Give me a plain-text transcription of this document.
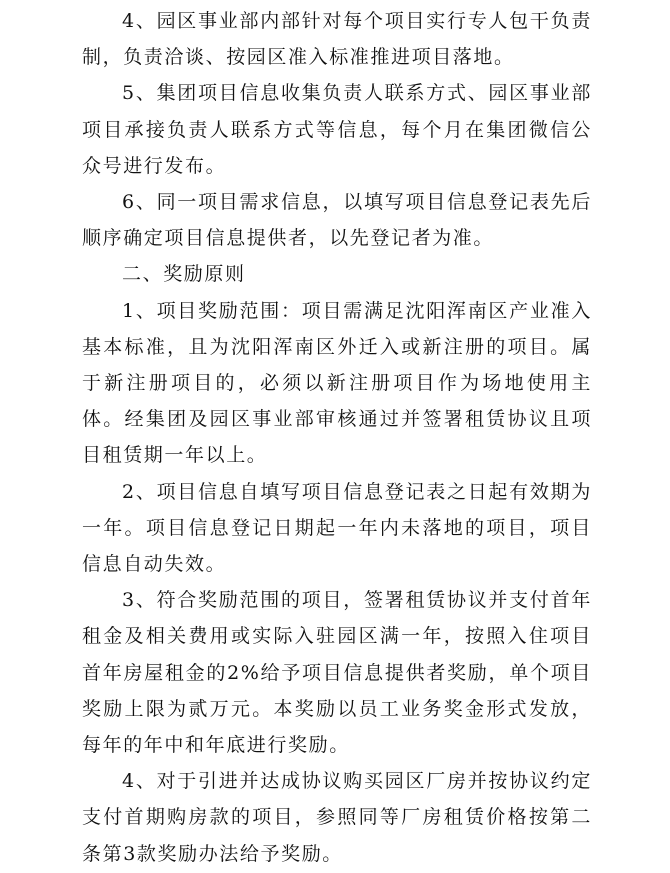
4、园区事业部内部针对每个项目实行专人包干负责制，负责洽谈、按园区准入标准推进项目落地。

5、集团项目信息收集负责人联系方式、园区事业部项目承接负责人联系方式等信息，每个月在集团微信公众号进行发布。

6、同一项目需求信息，以填写项目信息登记表先后顺序确定项目信息提供者，以先登记者为准。

二、奖励原则

1、项目奖励范围：项目需满足沈阳浑南区产业准入基本标准，且为沈阳浑南区外迁入或新注册的项目。属于新注册项目的，必须以新注册项目作为场地使用主体。经集团及园区事业部审核通过并签署租赁协议且项目租赁期一年以上。

2、项目信息自填写项目信息登记表之日起有效期为一年。项目信息登记日期起一年内未落地的项目，项目信息自动失效。

3、符合奖励范围的项目，签署租赁协议并支付首年租金及相关费用或实际入驻园区满一年，按照入住项目首年房屋租金的2%给予项目信息提供者奖励，单个项目奖励上限为贰万元。本奖励以员工业务奖金形式发放，每年的年中和年底进行奖励。

4、对于引进并达成协议购买园区厂房并按协议约定支付首期购房款的项目，参照同等厂房租赁价格按第二条第3款奖励办法给予奖励。
